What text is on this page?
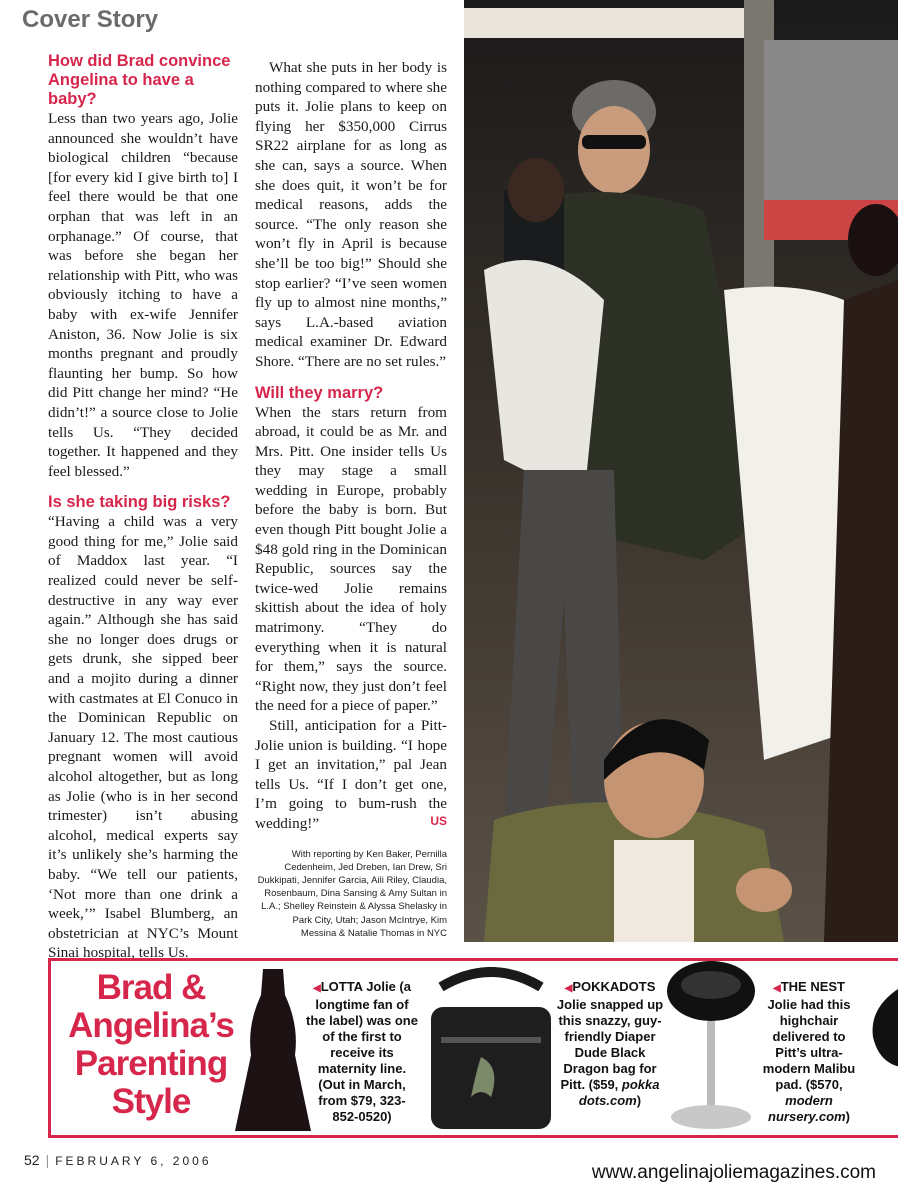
Cover Story
How did Brad convince Angelina to have a baby?

Less than two years ago, Jolie announced she wouldn’t have biological children “because [for every kid I give birth to] I feel there would be that one orphan that was left in an orphanage.” Of course, that was before she began her relationship with Pitt, who was obviously itching to have a baby with ex-wife Jennifer Aniston, 36. Now Jolie is six months pregnant and proudly flaunting her bump. So how did Pitt change her mind? “He didn’t!” a source close to Jolie tells Us. “They decided together. It happened and they feel blessed.”

Is she taking big risks?

“Having a child was a very good thing for me,” Jolie said of Maddox last year. “I realized could never be self-destructive in any way ever again.” Although she has said she no longer does drugs or gets drunk, she sipped beer and a mojito during a dinner with castmates at El Conuco in the Dominican Republic on January 12. The most cautious pregnant women will avoid alcohol altogether, but as long as Jolie (who is in her second trimester) isn’t abusing alcohol, medical experts say it’s unlikely she’s harming the baby. “We tell our patients, ‘Not more than one drink a week,’” Isabel Blumberg, an obstetrician at NYC’s Mount Sinai hospital, tells Us.

What she puts in her body is nothing compared to where she puts it. Jolie plans to keep on flying her $350,000 Cirrus SR22 airplane for as long as she can, says a source. When she does quit, it won’t be for medical reasons, adds the source. “The only reason she won’t fly in April is because she’ll be too big!” Should she stop earlier? “I’ve seen women fly up to almost nine months,” says L.A.-based aviation medical examiner Dr. Edward Shore. “There are no set rules.”

Will they marry?

When the stars return from abroad, it could be as Mr. and Mrs. Pitt. One insider tells Us they may stage a small wedding in Europe, probably before the baby is born. But even though Pitt bought Jolie a $48 gold ring in the Dominican Republic, sources say the twice-wed Jolie remains skittish about the idea of holy matrimony. “They do everything when it is natural for them,” says the source. “Right now, they just don’t feel the need for a piece of paper.”

Still, anticipation for a Pitt-Jolie union is building. “I hope I get an invitation,” pal Jean tells Us. “If I don’t get one, I’m going to bum-rush the wedding!”	US

With reporting by Ken Baker, Pernilla Cedenheim, Jed Dreben, Ian Drew, Sri Dukkipati, Jennifer Garcia, Aili Riley, Claudia, Rosenbaum, Dina Sansing & Amy Sultan in L.A.; Shelley Reinstein & Alyssa Shelasky in Park City, Utah; Jason McIntrye, Kim Messina & Natalie Thomas in NYC
Brad & Angelina’s Parenting Style
◀LOTTA Jolie (a longtime fan of the label) was one of the first to receive its maternity line. (Out in March, from $79, 323-852-0520)
◀POKKADOTS Jolie snapped up this snazzy, guy-friendly Diaper Dude Black Dragon bag for Pitt. ($59, pokka dots.com)
◀THE NEST Jolie had this highchair delivered to Pitt’s ultra-modern Malibu pad. ($570, modern nursery.com)
52 | FEBRUARY 6, 2006
www.angelinajoliemagazines.com
